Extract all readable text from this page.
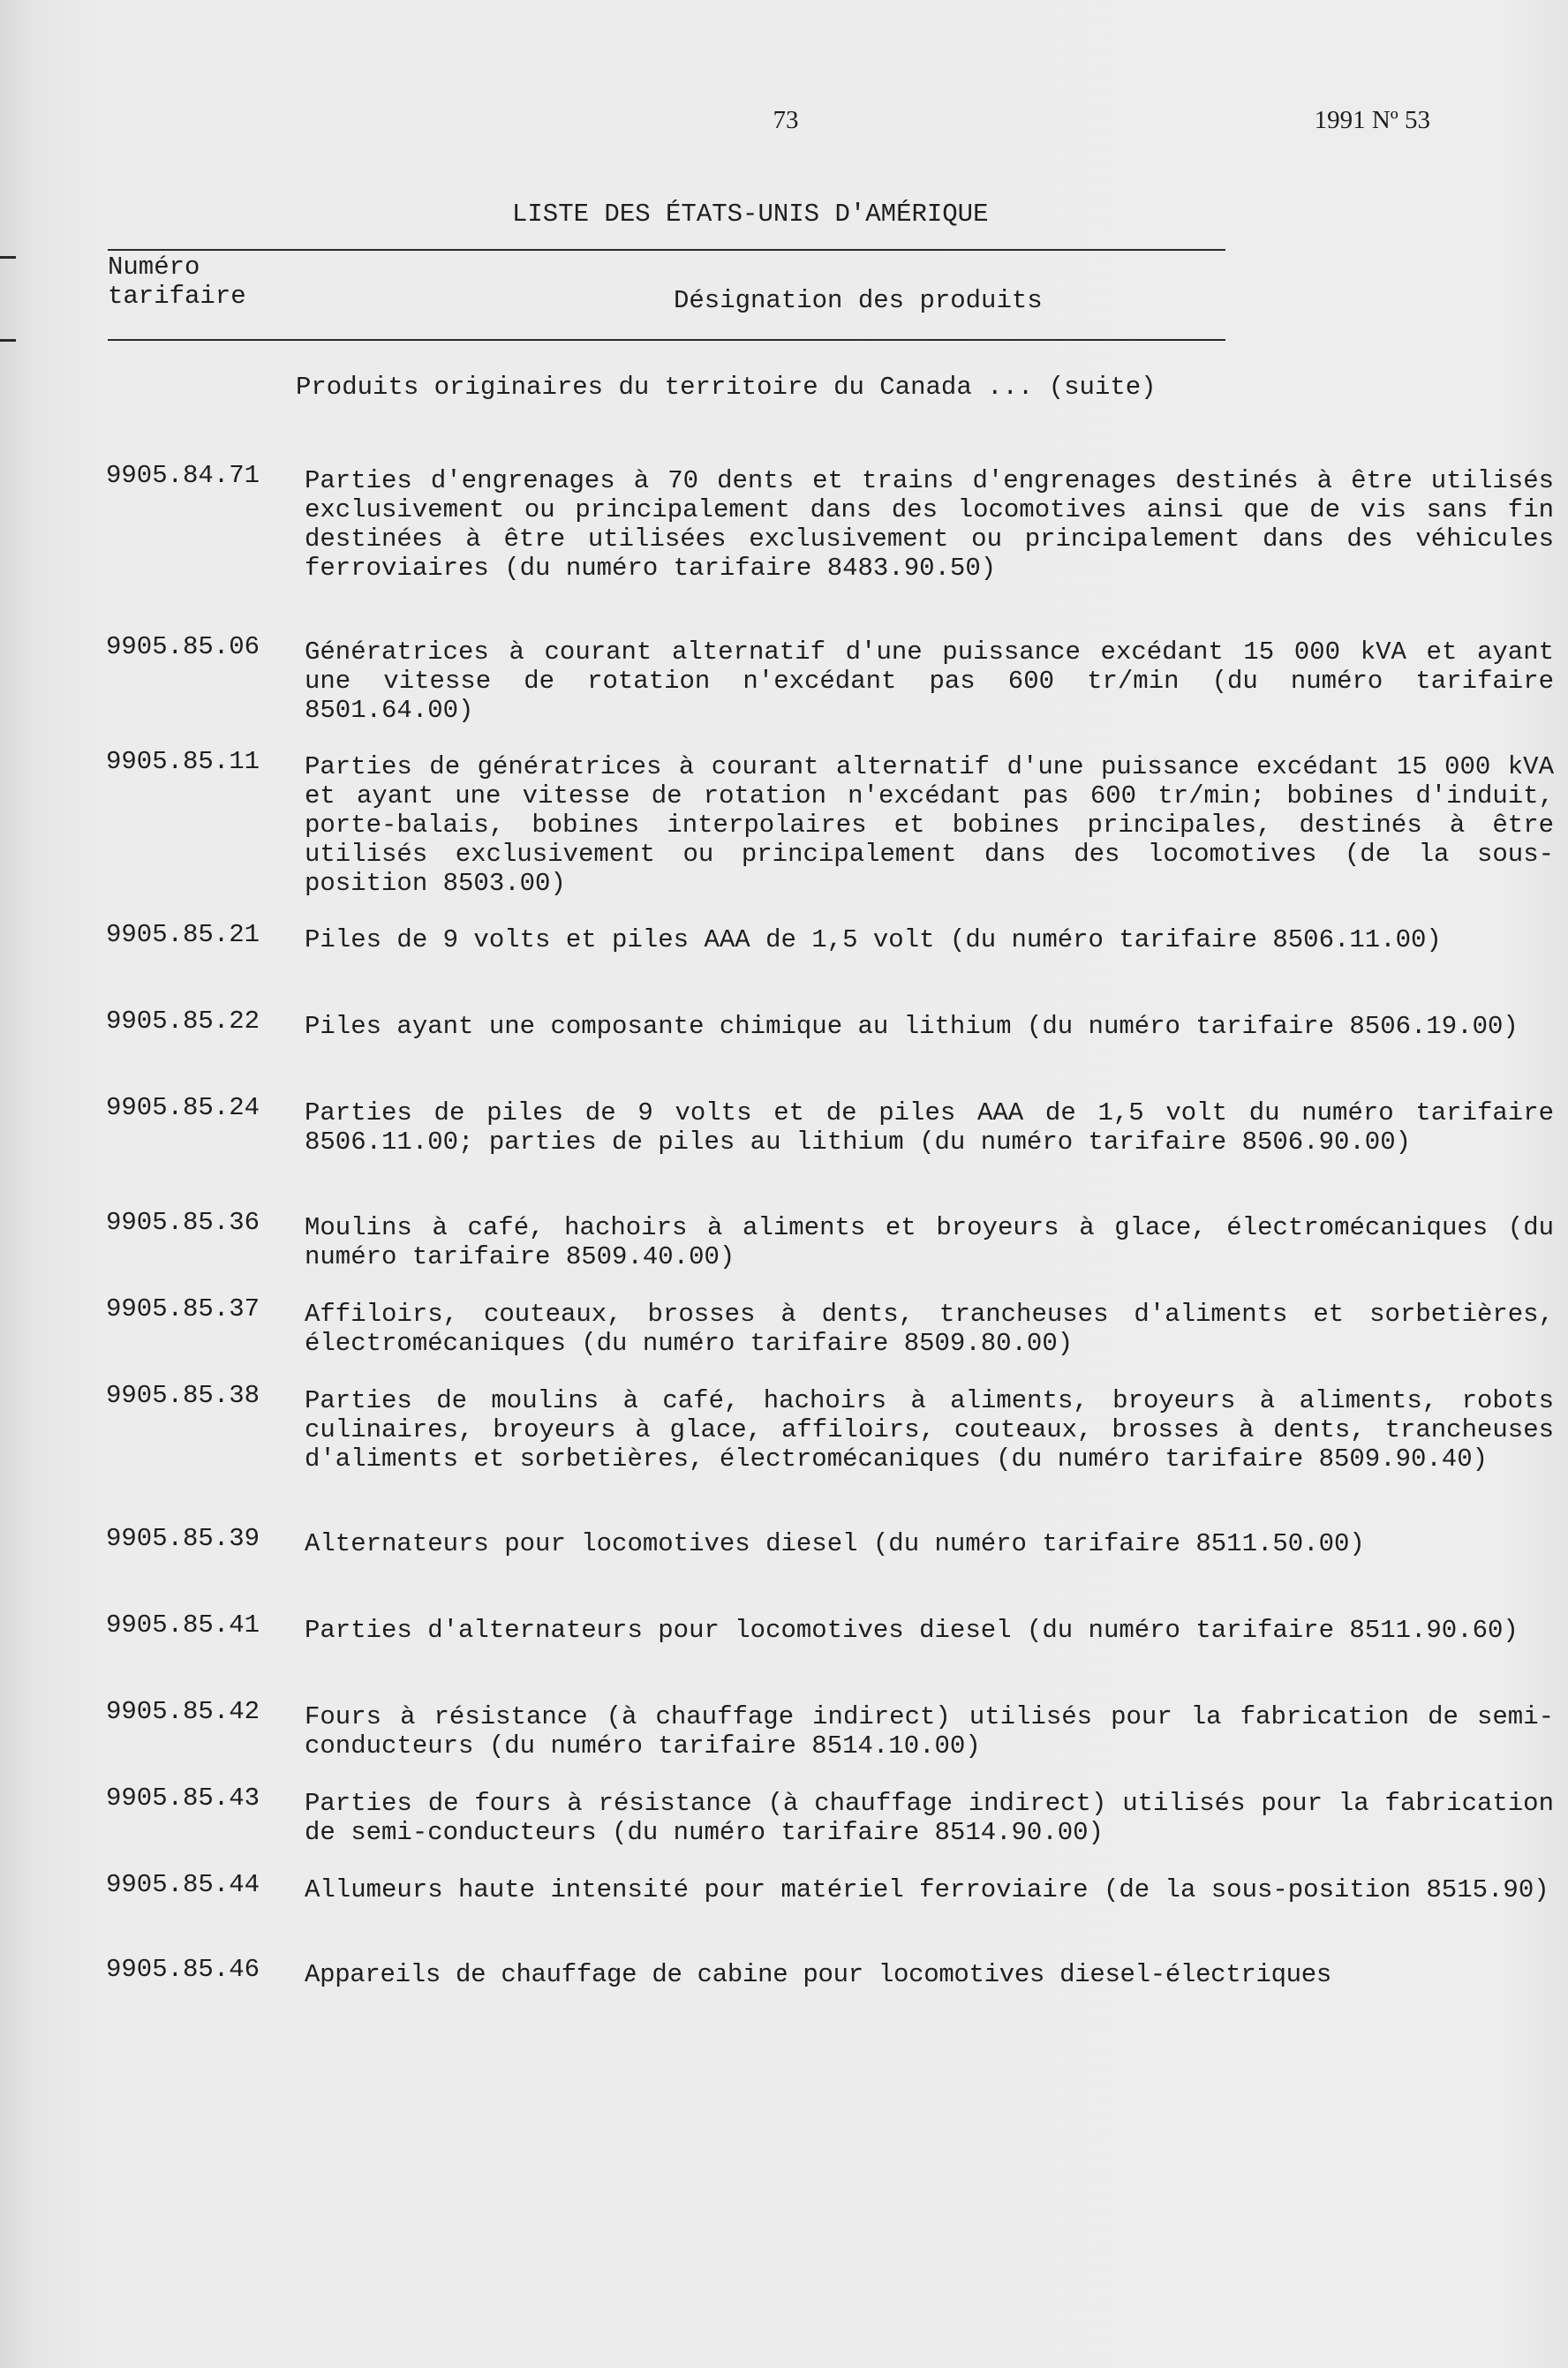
73	1991 Nº 53
LISTE DES ÉTATS-UNIS D'AMÉRIQUE
Numéro
tarifaire	Désignation des produits
Produits originaires du territoire du Canada ... (suite)
9905.84.71 Parties d'engrenages à 70 dents et trains d'engrenages destinés à être utilisés exclusivement ou principalement dans des locomotives ainsi que de vis sans fin destinées à être utilisées exclusivement ou principalement dans des véhicules ferroviaires (du numéro tarifaire 8483.90.50)
9905.85.06 Génératrices à courant alternatif d'une puissance excédant 15 000 kVA et ayant une vitesse de rotation n'excédant pas 600 tr/min (du numéro tarifaire 8501.64.00)
9905.85.11 Parties de génératrices à courant alternatif d'une puissance excédant 15 000 kVA et ayant une vitesse de rotation n'excédant pas 600 tr/min; bobines d'induit, porte-balais, bobines interpolaires et bobines principales, destinés à être utilisés exclusivement ou principalement dans des locomotives (de la sous-position 8503.00)
9905.85.21 Piles de 9 volts et piles AAA de 1,5 volt (du numéro tarifaire 8506.11.00)
9905.85.22 Piles ayant une composante chimique au lithium (du numéro tarifaire 8506.19.00)
9905.85.24 Parties de piles de 9 volts et de piles AAA de 1,5 volt du numéro tarifaire 8506.11.00; parties de piles au lithium (du numéro tarifaire 8506.90.00)
9905.85.36 Moulins à café, hachoirs à aliments et broyeurs à glace, électromécaniques (du numéro tarifaire 8509.40.00)
9905.85.37 Affiloirs, couteaux, brosses à dents, trancheuses d'aliments et sorbetières, électromécaniques (du numéro tarifaire 8509.80.00)
9905.85.38 Parties de moulins à café, hachoirs à aliments, broyeurs à aliments, robots culinaires, broyeurs à glace, affiloirs, couteaux, brosses à dents, trancheuses d'aliments et sorbetières, électromécaniques (du numéro tarifaire 8509.90.40)
9905.85.39 Alternateurs pour locomotives diesel (du numéro tarifaire 8511.50.00)
9905.85.41 Parties d'alternateurs pour locomotives diesel (du numéro tarifaire 8511.90.60)
9905.85.42 Fours à résistance (à chauffage indirect) utilisés pour la fabrication de semi-conducteurs (du numéro tarifaire 8514.10.00)
9905.85.43 Parties de fours à résistance (à chauffage indirect) utilisés pour la fabrication de semi-conducteurs (du numéro tarifaire 8514.90.00)
9905.85.44 Allumeurs haute intensité pour matériel ferroviaire (de la sous-position 8515.90)
9905.85.46 Appareils de chauffage de cabine pour locomotives diesel-électriques
